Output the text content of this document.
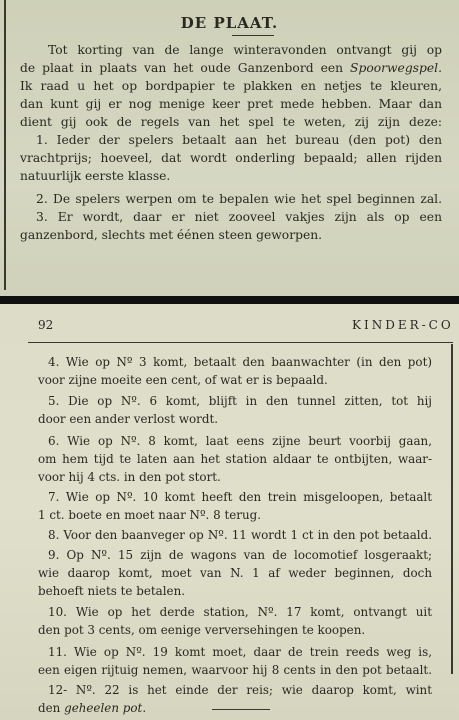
DE PLAAT.

Tot korting van de lange winteravonden ontvangt gij op

de plaat in plaats van het oude Ganzenbord een Spoorwegspel.

Ik raad u het op bordpapier te plakken en netjes te kleuren,

dan kunt gij er nog menige keer pret mede hebben. Maar dan

dient gij ook de regels van het spel te weten, zij zijn deze:

1. Ieder der spelers betaalt aan het bureau (den pot) den

vrachtprijs; hoeveel, dat wordt onderling bepaald; allen rijden

natuurlijk eerste klasse.

2. De spelers werpen om te bepalen wie het spel beginnen zal.

3. Er wordt, daar er niet zooveel vakjes zijn als op een

ganzenbord, slechts met éénen steen geworpen.

92	KINDER-CO

4. Wie op Nº 3 komt, betaalt den baanwachter (in den pot)

voor zijne moeite een cent, of wat er is bepaald.

5. Die op Nº. 6 komt, blijft in den tunnel zitten, tot hij

door een ander verlost wordt.

6. Wie op Nº. 8 komt, laat eens zijne beurt voorbij gaan,

om hem tijd te laten aan het station aldaar te ontbijten, waar-

voor hij 4 cts. in den pot stort.

7. Wie op Nº. 10 komt heeft den trein misgeloopen, betaalt

1 ct. boete en moet naar Nº. 8 terug.

8. Voor den baanveger op Nº. 11 wordt 1 ct in den pot betaald.

9. Op Nº. 15 zijn de wagons van de locomotief losgeraakt;

wie daarop komt, moet van N. 1 af weder beginnen, doch

behoeft niets te betalen.

10. Wie op het derde station, Nº. 17 komt, ontvangt uit

den pot 3 cents, om eenige verversehingen te koopen.

11. Wie op Nº. 19 komt moet, daar de trein reeds weg is,

een eigen rijtuig nemen, waarvoor hij 8 cents in den pot betaalt.

12- Nº. 22 is het einde der reis; wie daarop komt, wint

den geheelen pot.
